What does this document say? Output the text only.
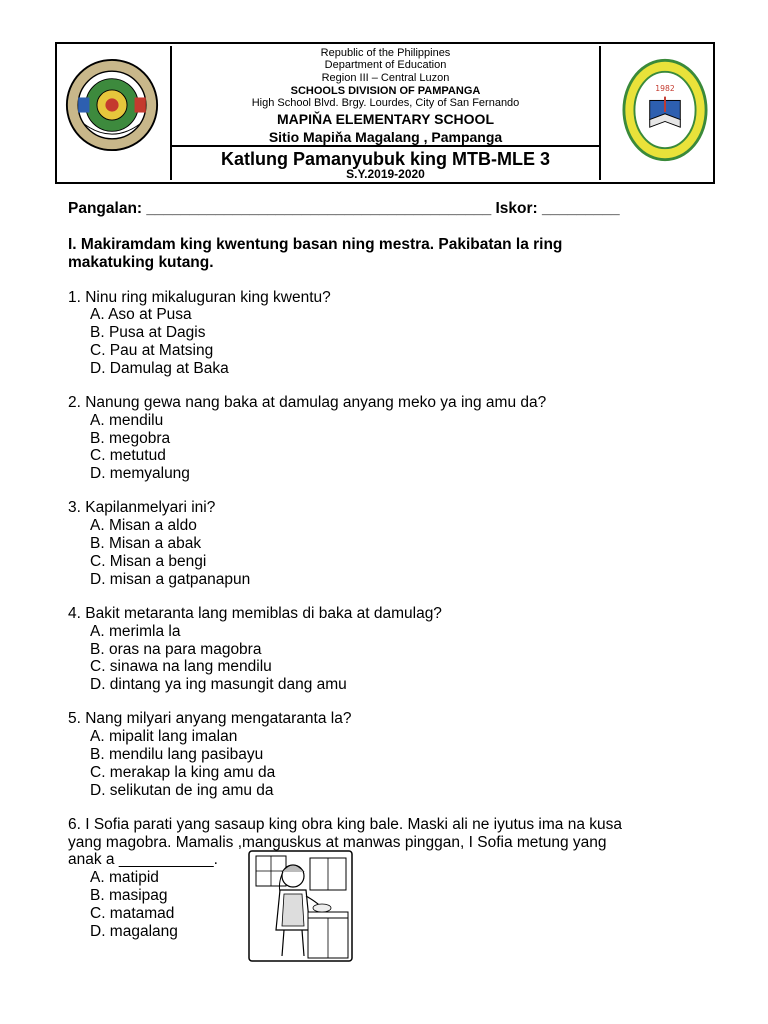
Republic of the Philippines
Department of Education
Region III – Central Luzon
SCHOOLS DIVISION OF PAMPANGA
High School Blvd. Brgy. Lourdes, City of San Fernando
MAPIŇA ELEMENTARY SCHOOL
Sitio Mapiňa Magalang , Pampanga
Katlung Pamanyubuk king MTB-MLE 3
S.Y.2019-2020
1982
Pangalan: ________________________________________ Iskor: _________
I. Makiramdam king kwentung basan ning mestra. Pakibatan la ring
makatuking kutang.
1. Ninu ring mikaluguran king kwentu?
A. Aso at Pusa
B. Pusa at Dagis
C. Pau at Matsing
D. Damulag at Baka
2. Nanung gewa nang baka at damulag anyang meko ya ing amu da?
A. mendilu
B. megobra
C. metutud
D. memyalung
3. Kapilanmelyari ini?
A. Misan a aldo
B. Misan a abak
C. Misan a bengi
D. misan a gatpanapun
4. Bakit metaranta lang memiblas di baka at damulag?
A. merimla la
B. oras na para magobra
C. sinawa na lang mendilu
D. dintang ya ing masungit dang amu
5. Nang milyari anyang mengataranta la?
A. mipalit lang imalan
B. mendilu lang pasibayu
C. merakap la king amu da
D. selikutan de ing amu da
6. I Sofia parati yang sasaup king obra king bale. Maski ali ne iyutus ima na kusa
yang magobra. Mamalis ,manguskus at manwas pinggan, I Sofia metung yang
anak a ___________.
A. matipid
B. masipag
C. matamad
D. magalang
